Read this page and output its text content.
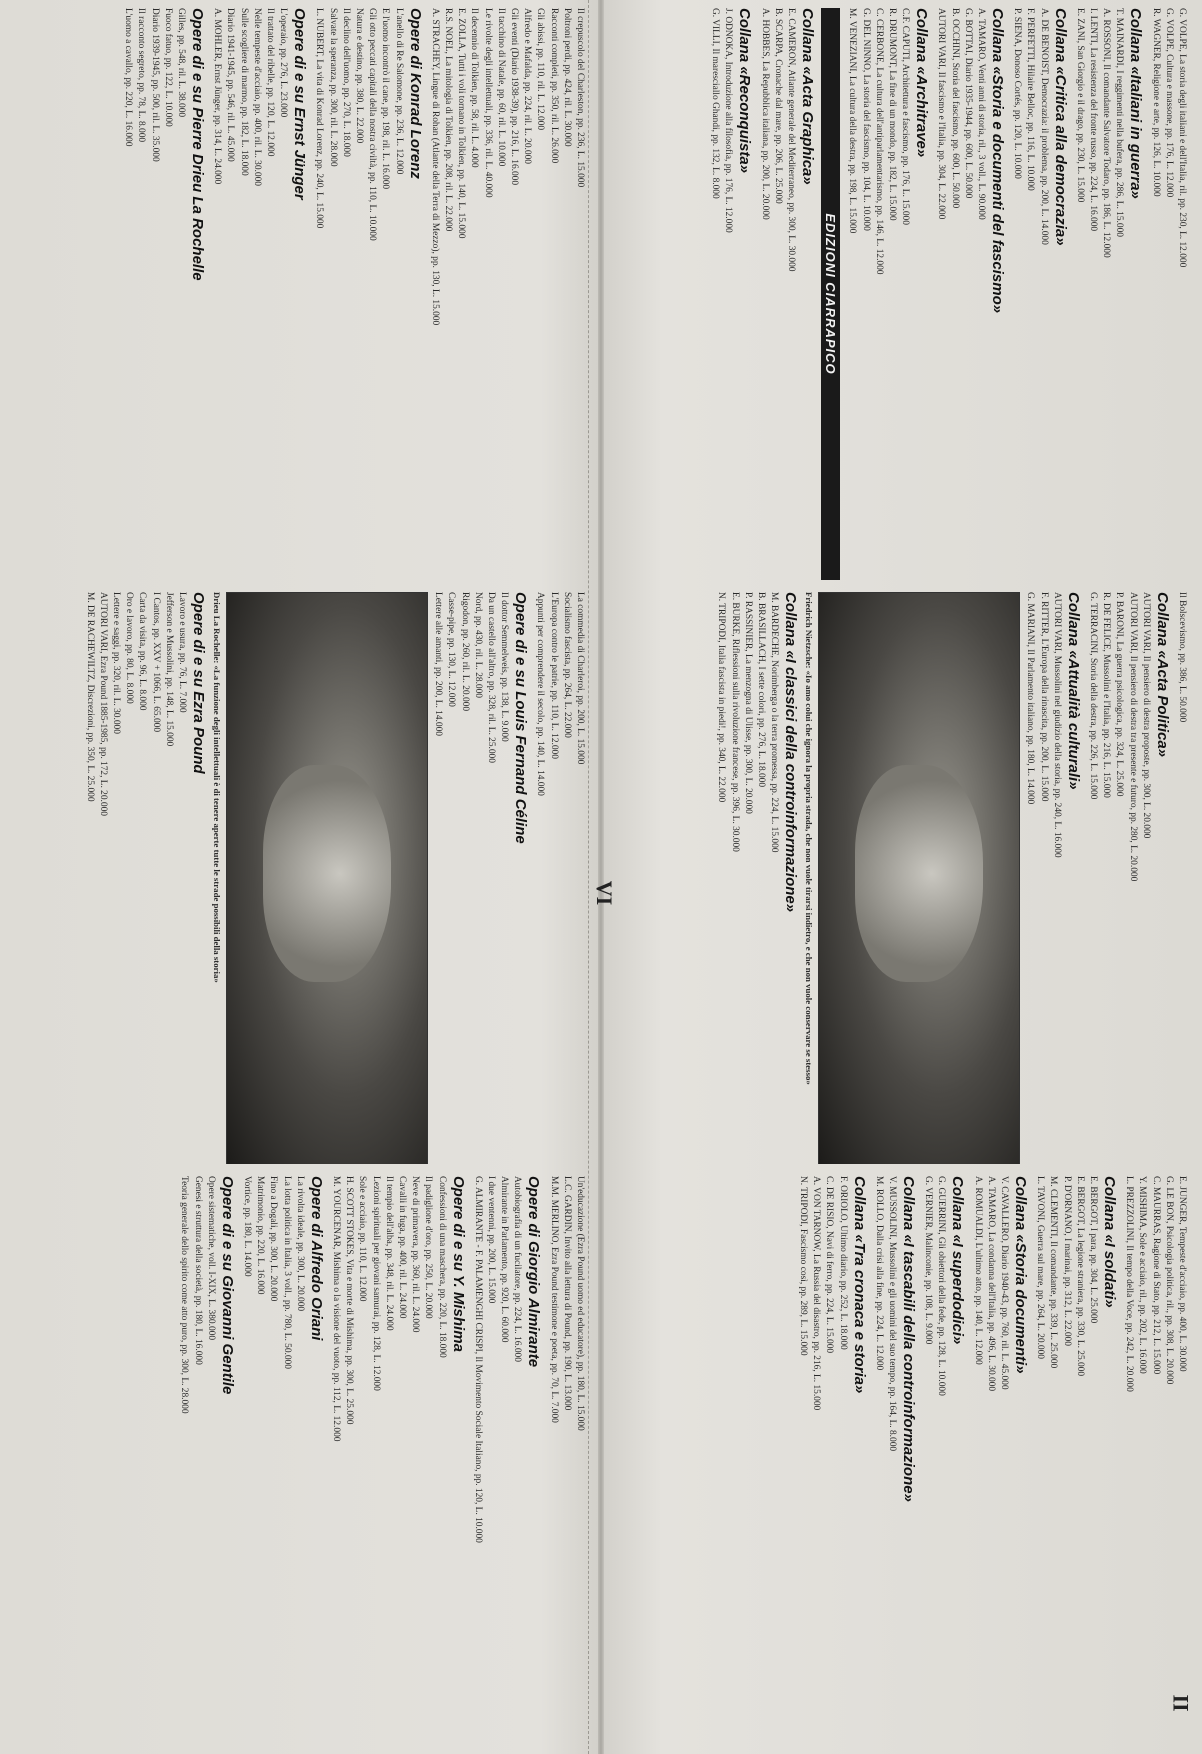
Il crepuscolo del Charleston, pp. 236, L. 15.000

Poltroni perdi, pp. 424, ril. L. 30.000

Racconti completi, pp. 350, ril. L. 26.000

Gli abissi, pp. 110, ril. L. 12.000

Alfredo e Mafalda, pp. 224, ril. L. 20.000

Gli eventi (Diario 1938-39), pp. 216, L. 16.000

Il tacchino di Natale, pp. 60, ril. L. 10.000

Le rivolte degli intellettuali, pp. 336, ril. L. 40.000

Il decennio di Tolkien, pp. 58, ril. L. 4.000

E. ZOLLA, Tutti i voli tornano in Tolkien, pp. 140, L. 15.000

R.S. NOEL, La mitologia di Tolkien, pp. 208, ril. L. 22.000

A. STRACHEY, Lingue di Rohan (Atlante della Terra di Mezzo), pp. 130, L. 15.000

Opere di Konrad Lorenz

L'anello di Re Salomone, pp. 236, L. 12.000

E l'uomo incontrò il cane, pp. 198, ril. L. 16.000

Gli otto peccati capitali della nostra civiltà, pp. 110, L. 10.000

Natura e destino, pp. 380, L. 22.000

Il declino dell'uomo, pp. 270, L. 18.000

Salvate la speranza, pp. 300, ril. L. 28.000

L. NUBERT, La vita di Konrad Lorenz, pp. 240, L. 15.000

Opere di e su Ernst Jünger

L'operaio, pp. 276, L. 23.000

Il trattato del ribelle, pp. 120, L. 12.000

Nelle tempeste d'acciaio, pp. 400, ril. L. 30.000

Sulle scogliere di marmo, pp. 182, L. 18.000

Diario 1941-1945, pp. 546, ril. L. 45.000

A. MOHLER, Ernst Jünger, pp. 314, L. 24.000

Opere di e su Pierre Drieu La Rochelle

Gilles, pp. 548, ril. L. 38.000

Fuoco fatuo, pp. 122, L. 10.000

Diario 1939-1945, pp. 500, ril. L. 35.000

Il racconto segreto, pp. 78, L. 8.000

L'uomo a cavallo, pp. 220, L. 16.000

La commedia di Charleroi, pp. 200, L. 15.000

Socialismo fascista, pp. 264, L. 22.000

L'Europa contro le patrie, pp. 110, L. 12.000

Appunti per comprendere il secolo, pp. 140, L. 14.000

Opere di e su Louis Fernand Céline

Il dottor Semmelweis, pp. 138, L. 9.000

Da un castello all'altro, pp. 328, ril. L. 25.000

Nord, pp. 430, ril. L. 28.000

Rigodon, pp. 260, ril. L. 20.000

Casse-pipe, pp. 130, L. 12.000

Lettere alle amanti, pp. 200, L. 14.000

Drieu La Rochelle: «La funzione degli intellettuali è di tenere aperte tutte le strade possibili della storia»
Opere di e su Ezra Pound

Lavoro e usura, pp. 76, L. 7.000

Jefferson e Mussolini, pp. 148, L. 15.000

I Cantos, pp. XXV + 1066, L. 65.000

Carta da visita, pp. 96, L. 8.000

Oro e lavoro, pp. 80, L. 8.000

Lettere e saggi, pp. 320, ril. L. 30.000

AUTORI VARI, Ezra Pound 1885-1985, pp. 172, L. 20.000

M. DE RACHEWILTZ, Discrezioni, pp. 350, L. 25.000

Un'educazione (Ezra Pound uomo ed educatore), pp. 180, L. 15.000

L.C. GARDIN, Invito alla lettura di Pound, pp. 190, L. 13.000

M.M. MERLINO, Ezra Pound testimone e poeta, pp. 70, L. 7.000

Opere di Giorgio Almirante

Autobiografia di un fucilatore, pp. 224, L. 16.000

Almirante in Parlamento, pp. 920, L. 60.000

I due ventenni, pp. 200, L. 15.000

G. ALMIRANTE - F. PALAMENGHI CRISPI, Il Movimento Sociale Italiano, pp. 120, L. 10.000

Opere di e su Y. Mishima

Confessioni di una maschera, pp. 220, L. 18.000

Il padiglione d'oro, pp. 250, L. 20.000

Neve di primavera, pp. 360, ril. L. 24.000

Cavalli in fuga, pp. 400, ril. L. 24.000

Il tempio dell'alba, pp. 348, ril. L. 24.000

Lezioni spirituali per giovani samurai, pp. 128, L. 12.000

Sole e acciaio, pp. 110, L. 12.000

H. SCOTT STOKES, Vita e morte di Mishima, pp. 300, L. 25.000

M. YOURCENAR, Mishima o la visione del vuoto, pp. 112, L. 12.000

Opere di Alfredo Oriani

La rivolta ideale, pp. 300, L. 20.000

La lotta politica in Italia, 3 voll., pp. 780, L. 50.000

Fino a Dogali, pp. 300, L. 20.000

Matrimonio, pp. 220, L. 16.000

Vortice, pp. 180, L. 14.000

Opere di e su Giovanni Gentile

Opere sistematiche, voll. I-XIX, L. 380.000

Genesi e struttura della società, pp. 180, L. 16.000

Teoria generale dello spirito come atto puro, pp. 300, L. 28.000

G. VOLPE, La storia degli italiani e dell'Italia, ril. pp. 230, L. 12.000

G. VOLPE, Cultura e massone, pp. 176, L. 12.000

R. WAGNER, Religione e arte, pp. 126, L. 10.000

Collana «Italiani in guerra»

T. MAINARDI, I reggimenti nella bufera, pp. 286, L. 15.000

A. ROSSONI, Il comandante Salvatore Todaro, pp. 186, L. 12.000

I. LENTI, La resistenza del fronte russo, pp. 224, L. 16.000

E. ZANI, San Giorgio e il drago, pp. 230, L. 15.000

Collana «Critica alla democrazia»

A. DE BENOIST, Democrazia: il problema, pp. 200, L. 14.000

F. PERFETTI, Hilaire Belloc, pp. 116, L. 10.000

P. SIENA, Donoso Cortés, pp. 120, L. 10.000

Collana «Storia e documenti del fascismo»

A. TAMARO, Venti anni di storia, ril., 3 voll., L. 90.000

G. BOTTAI, Diario 1935-1944, pp. 600, L. 50.000

B. OCCHINI, Storia del fascismo, pp. 600, L. 50.000

AUTORI VARI, Il fascismo e l'Italia, pp. 304, L. 22.000

Collana «Architrave»

C.F. CAPUTI, Architettura e fascismo, pp. 176, L. 15.000

R. DRUMONT, La fine di un mondo, pp. 182, L. 15.000

C. CERBONE, La cultura dell'antiparlamentarismo, pp. 146, L. 12.000

G. DEL NINNO, La storia del fascismo, pp. 104, L. 10.000

M. VENEZIANI, La cultura della destra, pp. 198, L. 15.000

EDIZIONI CIARRAPICO
Collana «Acta Graphica»

E. CAMERON, Atlante generale del Mediterraneo, pp. 300, L. 30.000

B. SCARPA, Cronache dal mare, pp. 206, L. 25.000

A. HOBBES, La Repubblica italiana, pp. 200, L. 20.000

Collana «Reconquista»

J. ODNOKA, Introduzione alla filosofia, pp. 176, L. 12.000

G. VILLI, Il maresciallo Ghandi, pp. 132, L. 8.000

Il Bolscevismo, pp. 386, L. 50.000

Collana «Acta Politica»

AUTORI VARI, Il pensiero di destra proposte, pp. 300, L. 20.000

AUTORI VARI, Il pensiero di destra tra presente e futuro, pp. 280, L. 20.000

P. BARONI, La guerra psicologica, pp. 324, L. 25.000

R. DE FELICE, Mussolini e l'Italia, pp. 216, L. 15.000

G. TERRACINI, Storia della destra, pp. 226, L. 15.000

Collana «Attualità culturali»

AUTORI VARI, Mussolini nel giudizio della storia, pp. 240, L. 16.000

F. RITTER, L'Europa della rinascita, pp. 200, L. 15.000

G. MARIANI, Il Parlamento italiano, pp. 180, L. 14.000

Friedrich Nietzsche: «Io amo colui che ignora la propria strada, che non vuole tirarsi indietro, e che non vuole conservare se stesso»
Collana «I classici della controinformazione»

M. BARDECHE, Norimberga o la terra promessa, pp. 224, L. 15.000

B. BRASILLACH, I sette colori, pp. 276, L. 18.000

P. RASSINIER, La menzogna di Ulisse, pp. 300, L. 20.000

E. BURKE, Riflessioni sulla rivoluzione francese, pp. 396, L. 30.000

N. TRIPODI, Italia fascista in piedi!, pp. 340, L. 22.000

E. JÜNGER, Tempeste d'acciaio, pp. 400, L. 30.000

G. LE BON, Psicologia politica, ril., pp. 308, L. 20.000

C. MAURRAS, Ragione di Stato, pp. 212, L. 15.000

Y. MISHIMA, Sole e acciaio, ril., pp. 202, L. 16.000

L. PREZZOLINI, Il tempo della Voce, pp. 242, L. 20.000

Collana «I soldati»

E. BERGOT, I para, pp. 304, L. 25.000

E. BERGOT, La legione straniera, pp. 330, L. 25.000

P. D'ORNANO, I marinai, pp. 312, L. 22.000

M. CLEMENTI, Il comandante, pp. 339, L. 25.000

L. TAVONI, Guerra sul mare, pp. 264, L. 20.000

Collana «Storia documenti»

V. CAVALLERO, Diario 1940-43, pp. 760, ril. L. 45.000

A. TAMARO, La condanna dell'Italia, pp. 496, L. 30.000

A. ROMUALDI, L'ultimo atto, pp. 140, L. 12.000

Collana «I superdodici»

G. GUERRINI, Gli obiettori della fede, pp. 128, L. 10.000

G. VERNIER, Malinconie, pp. 108, L. 9.000

Collana «I tascabili della controinformazione»

V. MUSSOLINI, Mussolini e gli uomini del suo tempo, pp. 164, L. 8.000

M. ROLLO, Dalla crisi alla fine, pp. 224, L. 12.000

Collana «Tra cronaca e storia»

F. ORIOLO, Ultimo diario, pp. 252, L. 18.000

C. DE RISIO, Navi di ferro, pp. 224, L. 15.000

A. VON TARNOW, La Russia del disastro, pp. 216, L. 15.000

N. TRIPODI, Fascismo così, pp. 289, L. 15.000

VI
II
